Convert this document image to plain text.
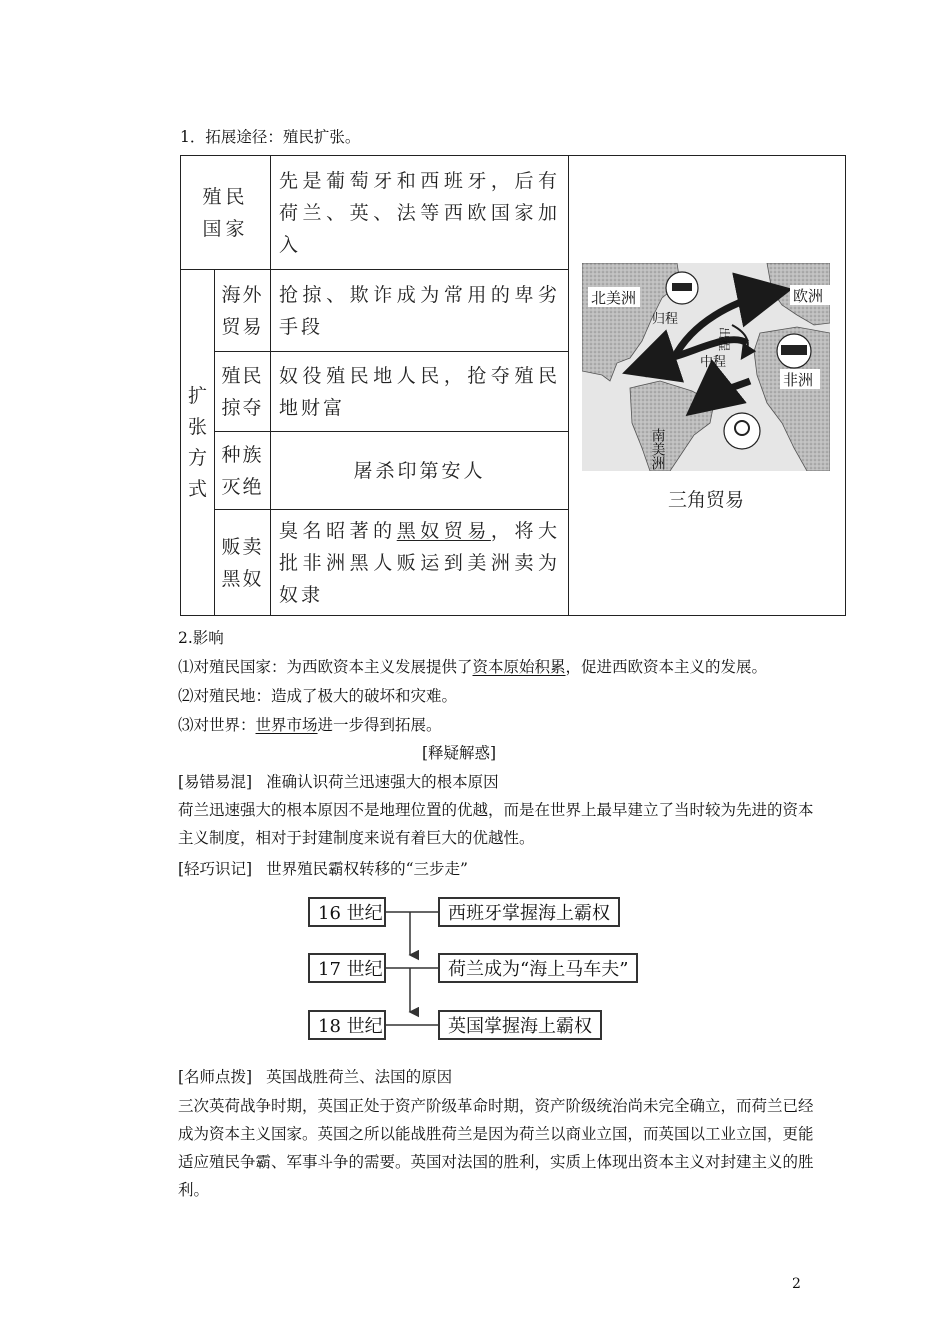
1．拓展途径：殖民扩张。
殖民国家		先是葡萄牙和西班牙，后有荷兰、英、法等西欧国家加入	

扩张方式	海外贸易	抢掠、欺诈成为常用的卑劣手段	

	殖民掠夺	奴役殖民地人民，抢夺殖民地财富	

	种族灭绝	屠杀印第安人	

	贩卖黑奴	臭名昭著的黑奴贸易，将大批非洲黑人贩运到美洲卖为奴隶	
北美洲	欧洲
非洲
归程
中程
出程
南美洲
三角贸易
2.影响
⑴对殖民国家：为西欧资本主义发展提供了资本原始积累，促进西欧资本主义的发展。
⑵对殖民地：造成了极大的破坏和灾难。
⑶对世界：世界市场进一步得到拓展。
[释疑解惑]
[易错易混] 准确认识荷兰迅速强大的根本原因
荷兰迅速强大的根本原因不是地理位置的优越，而是在世界上最早建立了当时较为先进的资本主义制度，相对于封建制度来说有着巨大的优越性。
[轻巧识记] 世界殖民霸权转移的“三步走”
16 世纪	西班牙掌握海上霸权
17 世纪	荷兰成为“海上马车夫”
18 世纪	英国掌握海上霸权
[名师点拨] 英国战胜荷兰、法国的原因
三次英荷战争时期，英国正处于资产阶级革命时期，资产阶级统治尚未完全确立，而荷兰已经成为资本主义国家。英国之所以能战胜荷兰是因为荷兰以商业立国，而英国以工业立国，更能适应殖民争霸、军事斗争的需要。英国对法国的胜利，实质上体现出资本主义对封建主义的胜利。
2
